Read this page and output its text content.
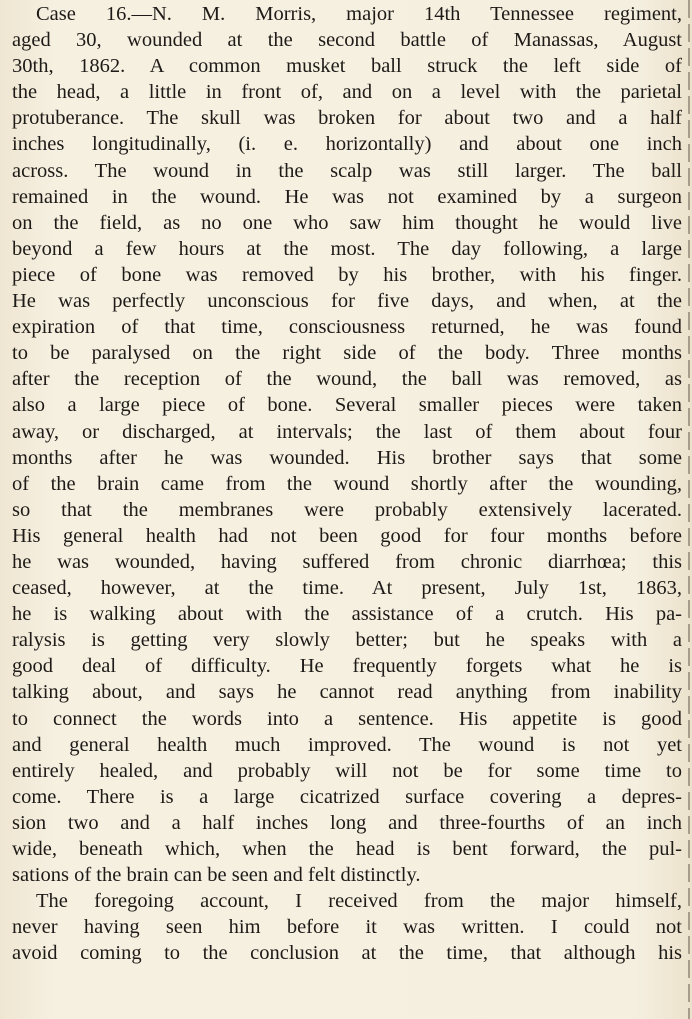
Case 16.—N. M. Morris, major 14th Tennessee regiment,
aged 30, wounded at the second battle of Manassas, August
30th, 1862. A common musket ball struck the left side of
the head, a little in front of, and on a level with the parietal
protuberance. The skull was broken for about two and a half
inches longitudinally, (i. e. horizontally) and about one inch
across. The wound in the scalp was still larger. The ball
remained in the wound. He was not examined by a surgeon
on the field, as no one who saw him thought he would live
beyond a few hours at the most. The day following, a large
piece of bone was removed by his brother, with his finger.
He was perfectly unconscious for five days, and when, at the
expiration of that time, consciousness returned, he was found
to be paralysed on the right side of the body. Three months
after the reception of the wound, the ball was removed, as
also a large piece of bone. Several smaller pieces were taken
away, or discharged, at intervals; the last of them about four
months after he was wounded. His brother says that some
of the brain came from the wound shortly after the wounding,
so that the membranes were probably extensively lacerated.
His general health had not been good for four months before
he was wounded, having suffered from chronic diarrhœa; this
ceased, however, at the time. At present, July 1st, 1863,
he is walking about with the assistance of a crutch. His pa-
ralysis is getting very slowly better; but he speaks with a
good deal of difficulty. He frequently forgets what he is
talking about, and says he cannot read anything from inability
to connect the words into a sentence. His appetite is good
and general health much improved. The wound is not yet
entirely healed, and probably will not be for some time to
come. There is a large cicatrized surface covering a depres-
sion two and a half inches long and three-fourths of an inch
wide, beneath which, when the head is bent forward, the pul-
sations of the brain can be seen and felt distinctly.
The foregoing account, I received from the major himself,
never having seen him before it was written. I could not
avoid coming to the conclusion at the time, that although his
